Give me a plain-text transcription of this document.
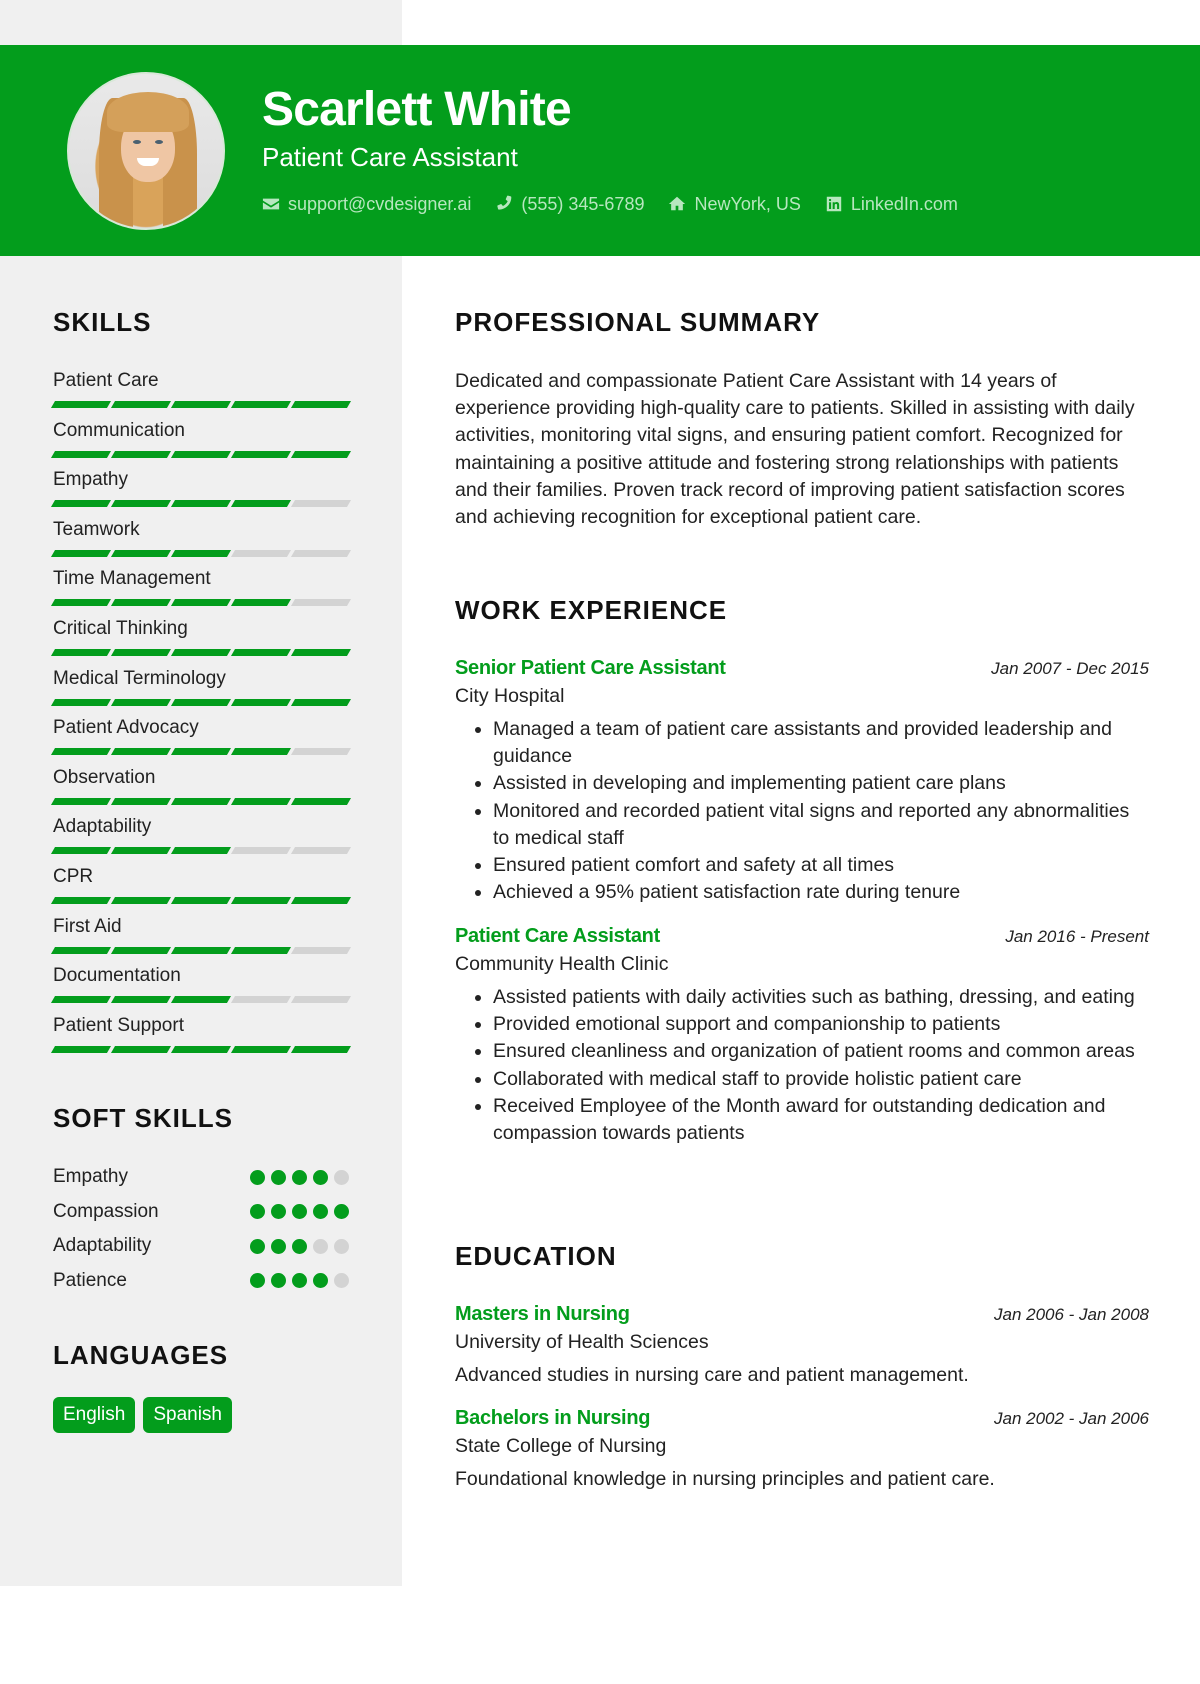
Scarlett White
Patient Care Assistant
support@cvdesigner.ai	(555) 345-6789	NewYork, US	LinkedIn.com
SKILLS
Patient Care
Communication
Empathy
Teamwork
Time Management
Critical Thinking
Medical Terminology
Patient Advocacy
Observation
Adaptability
CPR
First Aid
Documentation
Patient Support
SOFT SKILLS
Empathy
Compassion
Adaptability
Patience
LANGUAGES
English	Spanish
PROFESSIONAL SUMMARY
Dedicated and compassionate Patient Care Assistant with 14 years of experience providing high-quality care to patients. Skilled in assisting with daily activities, monitoring vital signs, and ensuring patient comfort. Recognized for maintaining a positive attitude and fostering strong relationships with patients and their families. Proven track record of improving patient satisfaction scores and achieving recognition for exceptional patient care.
WORK EXPERIENCE
Senior Patient Care Assistant	Jan 2007 - Dec 2015
City Hospital
• Managed a team of patient care assistants and provided leadership and guidance
• Assisted in developing and implementing patient care plans
• Monitored and recorded patient vital signs and reported any abnormalities to medical staff
• Ensured patient comfort and safety at all times
• Achieved a 95% patient satisfaction rate during tenure
Patient Care Assistant	Jan 2016 - Present
Community Health Clinic
• Assisted patients with daily activities such as bathing, dressing, and eating
• Provided emotional support and companionship to patients
• Ensured cleanliness and organization of patient rooms and common areas
• Collaborated with medical staff to provide holistic patient care
• Received Employee of the Month award for outstanding dedication and compassion towards patients
EDUCATION
Masters in Nursing	Jan 2006 - Jan 2008
University of Health Sciences
Advanced studies in nursing care and patient management.
Bachelors in Nursing	Jan 2002 - Jan 2006
State College of Nursing
Foundational knowledge in nursing principles and patient care.
